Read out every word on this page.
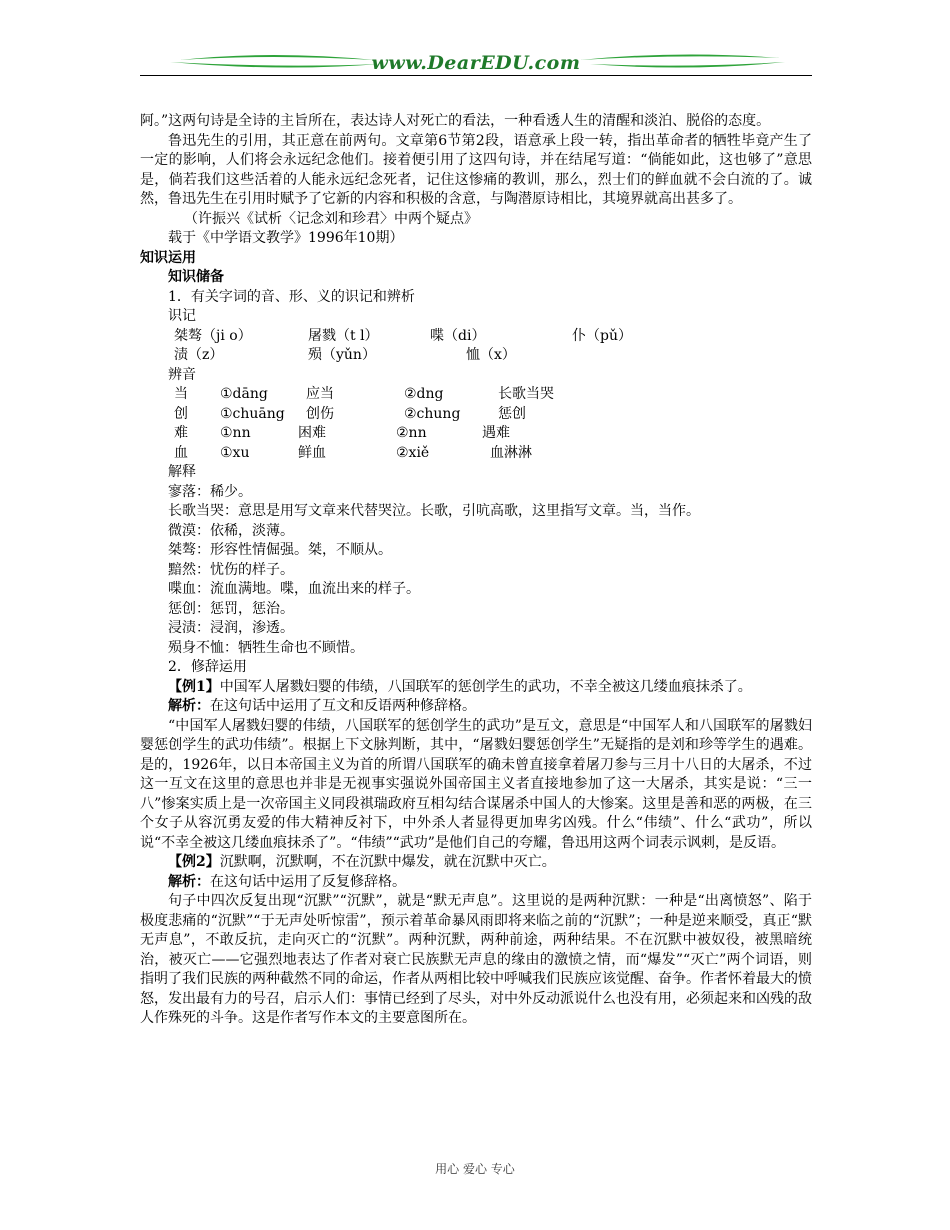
www.DearEDU.com

阿。”这两句诗是全诗的主旨所在，表达诗人对死亡的看法，一种看透人生的清醒和淡泊、脱俗的态度。

鲁迅先生的引用，其正意在前两句。文章第6节第2段，语意承上段一转，指出革命者的牺牲毕竟产生了一定的影响，人们将会永远纪念他们。接着便引用了这四句诗，并在结尾写道：“倘能如此，这也够了”意思是，倘若我们这些活着的人能永远纪念死者，记住这惨痛的教训，那么，烈士们的鲜血就不会白流的了。诚然，鲁迅先生在引用时赋予了它新的内容和积极的含意，与陶潜原诗相比，其境界就高出甚多了。

（许振兴《试析〈记念刘和珍君〉中两个疑点》

载于《中学语文教学》1996年10期）

知识运用

知识储备

1．有关字词的音、形、义的识记和辨析

识记

桀骜（ji o）	屠戮（t l）	喋（di）	仆（pǔ）
渍（z）	殒（yǔn）	恤（x）

辨音

当 ①dāng	应当	②dng	长歌当哭
创 ①chuāng 创伤	②chung	惩创
难 ①nn	困难	②nn	遇难
血 ①xu	鲜血	②xiě	血淋淋

解释

寥落：稀少。

长歌当哭：意思是用写文章来代替哭泣。长歌，引吭高歌，这里指写文章。当，当作。

微漠：依稀，淡薄。

桀骜：形容性情倔强。桀，不顺从。

黯然：忧伤的样子。

喋血：流血满地。喋，血流出来的样子。

惩创：惩罚，惩治。

浸渍：浸润，渗透。

殒身不恤：牺牲生命也不顾惜。

2．修辞运用

【例1】中国军人屠戮妇婴的伟绩，八国联军的惩创学生的武功，不幸全被这几缕血痕抹杀了。

解析：在这句话中运用了互文和反语两种修辞格。

“中国军人屠戮妇婴的伟绩，八国联军的惩创学生的武功”是互文，意思是“中国军人和八国联军的屠戮妇婴惩创学生的武功伟绩”。根据上下文脉判断，其中，“屠戮妇婴惩创学生”无疑指的是刘和珍等学生的遇难。是的，1926年，以日本帝国主义为首的所谓八国联军的确未曾直接拿着屠刀参与三月十八日的大屠杀，不过这一互文在这里的意思也并非是无视事实强说外国帝国主义者直接地参加了这一大屠杀，其实是说：“三一八”惨案实质上是一次帝国主义同段祺瑞政府互相勾结合谋屠杀中国人的大惨案。这里是善和恶的两极，在三个女子从容沉勇友爱的伟大精神反衬下，中外杀人者显得更加卑劣凶残。什么“伟绩”、什么“武功”，所以说“不幸全被这几缕血痕抹杀了”。“伟绩”“武功”是他们自己的夸耀，鲁迅用这两个词表示讽刺，是反语。

【例2】沉默啊，沉默啊，不在沉默中爆发，就在沉默中灭亡。

解析：在这句话中运用了反复修辞格。

句子中四次反复出现“沉默”“沉默”，就是“默无声息”。这里说的是两种沉默：一种是“出离愤怒”、陷于极度悲痛的“沉默”“于无声处听惊雷”，预示着革命暴风雨即将来临之前的“沉默”；一种是逆来顺受，真正“默无声息”，不敢反抗，走向灭亡的“沉默”。两种沉默，两种前途，两种结果。不在沉默中被奴役，被黑暗统治，被灭亡——它强烈地表达了作者对衰亡民族默无声息的缘由的激愤之情，而“爆发”“灭亡”两个词语，则指明了我们民族的两种截然不同的命运，作者从两相比较中呼喊我们民族应该觉醒、奋争。作者怀着最大的愤怒，发出最有力的号召，启示人们：事情已经到了尽头，对中外反动派说什么也没有用，必须起来和凶残的敌人作殊死的斗争。这是作者写作本文的主要意图所在。

用心 爱心 专心
